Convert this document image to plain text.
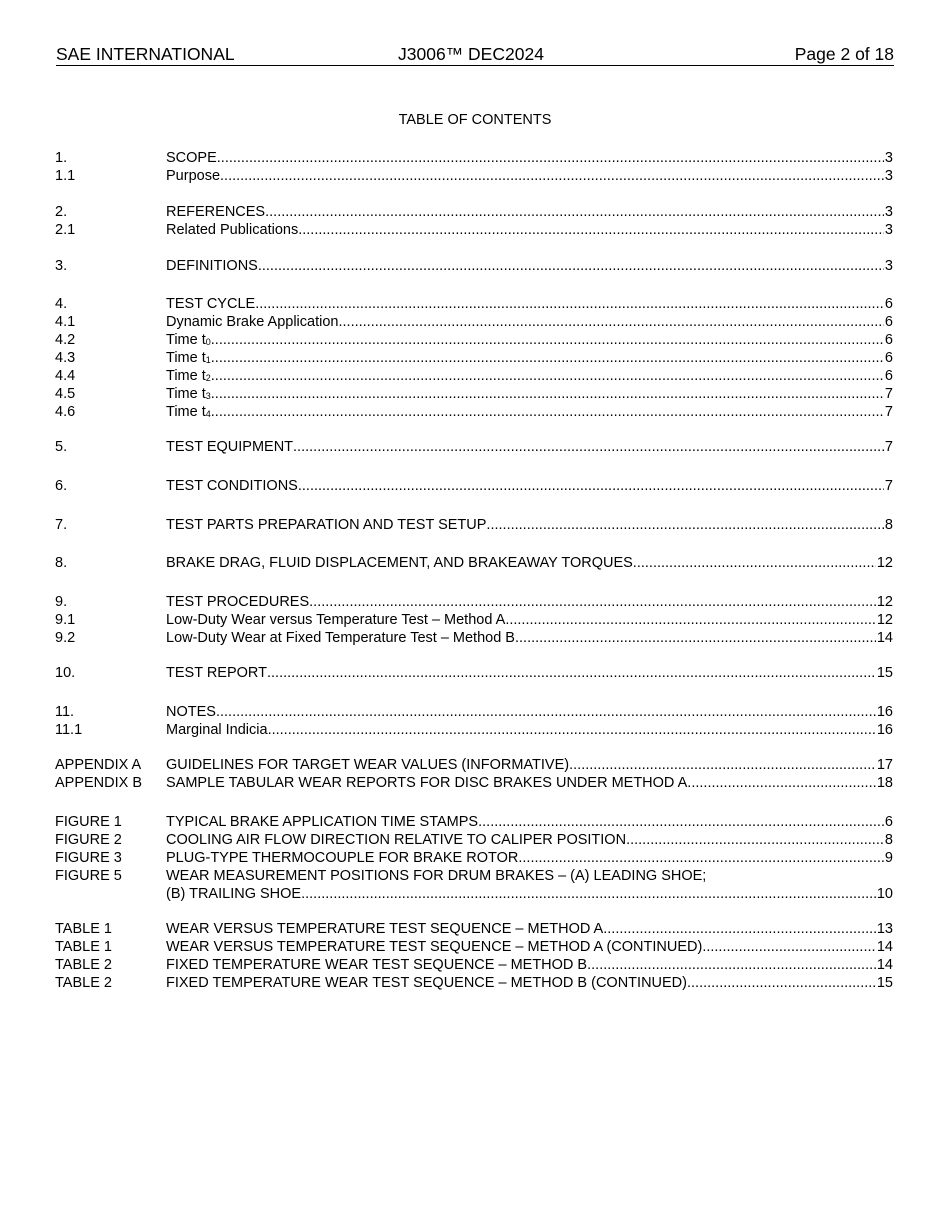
SAE INTERNATIONAL	J3006™ DEC2024	Page 2 of 18
TABLE OF CONTENTS
1.	SCOPE .....	3
1.1	Purpose .....	3
2.	REFERENCES .....	3
2.1	Related Publications .....	3
3.	DEFINITIONS .....	3
4.	TEST CYCLE .....	6
4.1	Dynamic Brake Application .....	6
4.2	Time $t_0$ .....	6
4.3	Time $t_1$ .....	6
4.4	Time $t_2$ .....	6
4.5	Time $t_3$ .....	7
4.6	Time $t_4$ .....	7
5.	TEST EQUIPMENT .....	7
6.	TEST CONDITIONS .....	7
7.	TEST PARTS PREPARATION AND TEST SETUP .....	8
8.	BRAKE DRAG, FLUID DISPLACEMENT, AND BRAKEAWAY TORQUES .....	12
9.	TEST PROCEDURES .....	12
9.1	Low-Duty Wear versus Temperature Test – Method A .....	12
9.2	Low-Duty Wear at Fixed Temperature Test – Method B .....	14
10.	TEST REPORT .....	15
11.	NOTES .....	16
11.1	Marginal Indicia .....	16
APPENDIX A GUIDELINES FOR TARGET WEAR VALUES (INFORMATIVE) .....	17
APPENDIX B SAMPLE TABULAR WEAR REPORTS FOR DISC BRAKES UNDER METHOD A .....	18
FIGURE 1	TYPICAL BRAKE APPLICATION TIME STAMPS .....	6
FIGURE 2	COOLING AIR FLOW DIRECTION RELATIVE TO CALIPER POSITION .....	8
FIGURE 3	PLUG-TYPE THERMOCOUPLE FOR BRAKE ROTOR .....	9
FIGURE 5	WEAR MEASUREMENT POSITIONS FOR DRUM BRAKES – (A) LEADING SHOE;
(B) TRAILING SHOE .....	10
TABLE 1	WEAR VERSUS TEMPERATURE TEST SEQUENCE – METHOD A .....	13
TABLE 1	WEAR VERSUS TEMPERATURE TEST SEQUENCE – METHOD A (CONTINUED) .....	14
TABLE 2	FIXED TEMPERATURE WEAR TEST SEQUENCE – METHOD B .....	14
TABLE 2	FIXED TEMPERATURE WEAR TEST SEQUENCE – METHOD B (CONTINUED) .....	15
